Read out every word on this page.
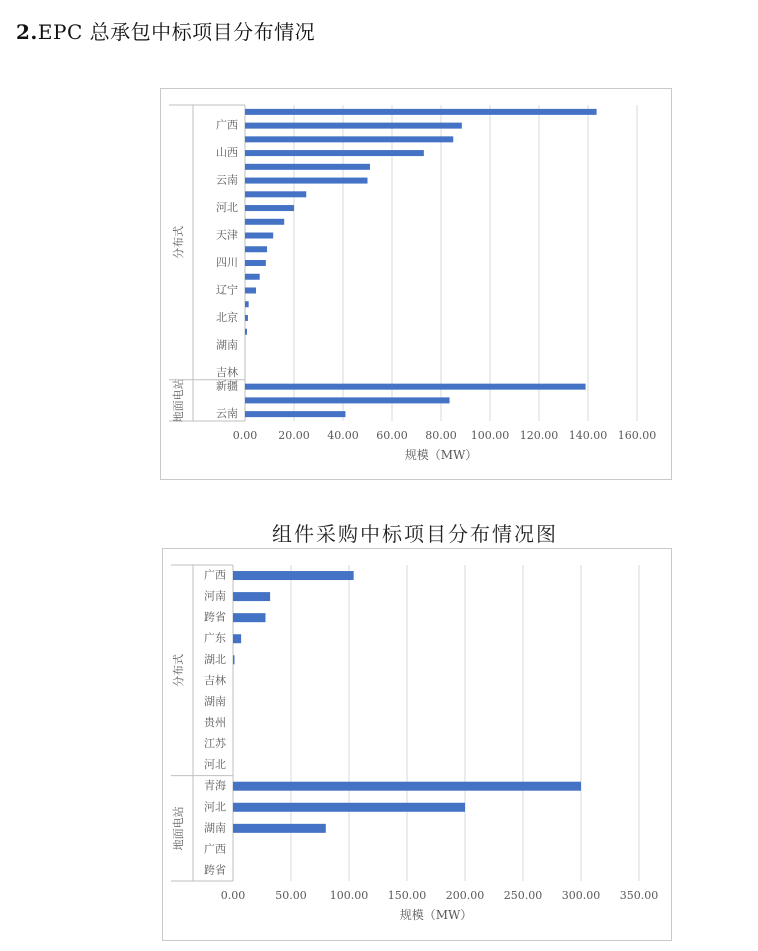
2.EPC 总承包中标项目分布情况
分布式
地面电站
广西
山西
云南
河北
天津
四川
辽宁
北京
湖南
吉林
新疆
云南
0.00 20.00 40.00 60.00 80.00 100.00 120.00 140.00 160.00
规模（MW）
组件采购中标项目分布情况图
分布式
地面电站
广西
河南
跨省
广东
湖北
吉林
湖南
贵州
江苏
河北
青海
河北
湖南
广西
跨省
0.00	50.00 100.00 150.00 200.00 250.00 300.00 350.00
规模（MW）
